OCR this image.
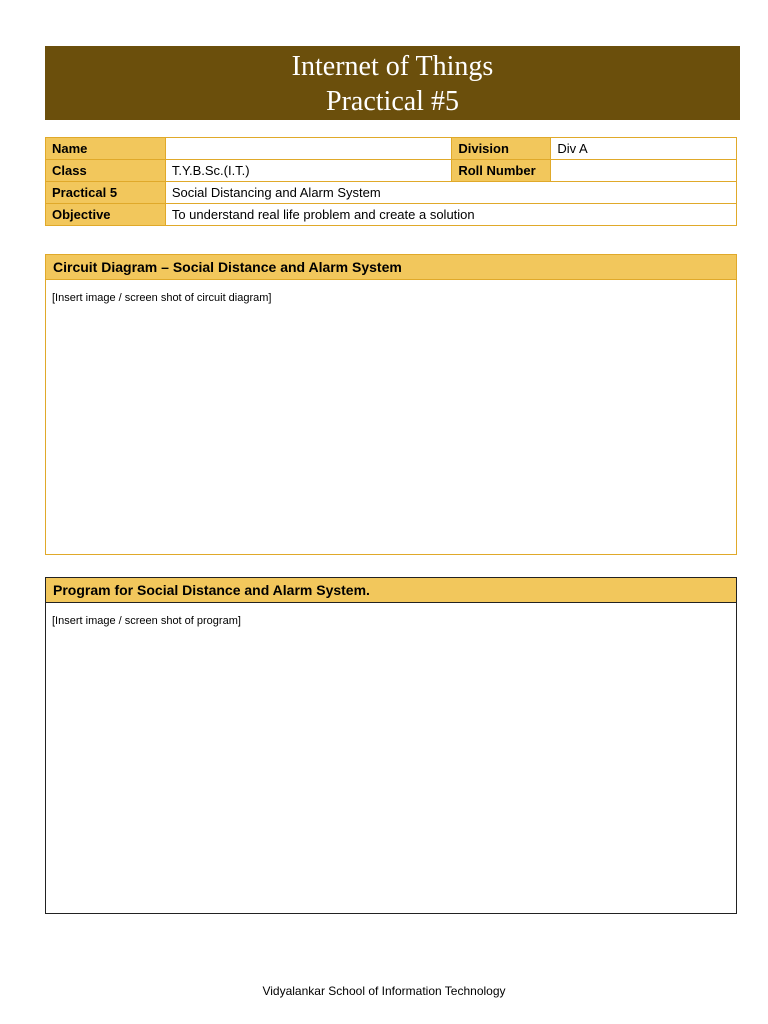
Internet of Things
Practical #5
Name		Division	Div A
Class	T.Y.B.Sc.(I.T.)	Roll Number	
Practical 5	Social Distancing and Alarm System		
Objective	To understand real life problem and create a solution		
Circuit Diagram – Social Distance and Alarm System
[Insert image / screen shot of circuit diagram]
Program for Social Distance and Alarm System.
[Insert image / screen shot of program]
Vidyalankar School of Information Technology
